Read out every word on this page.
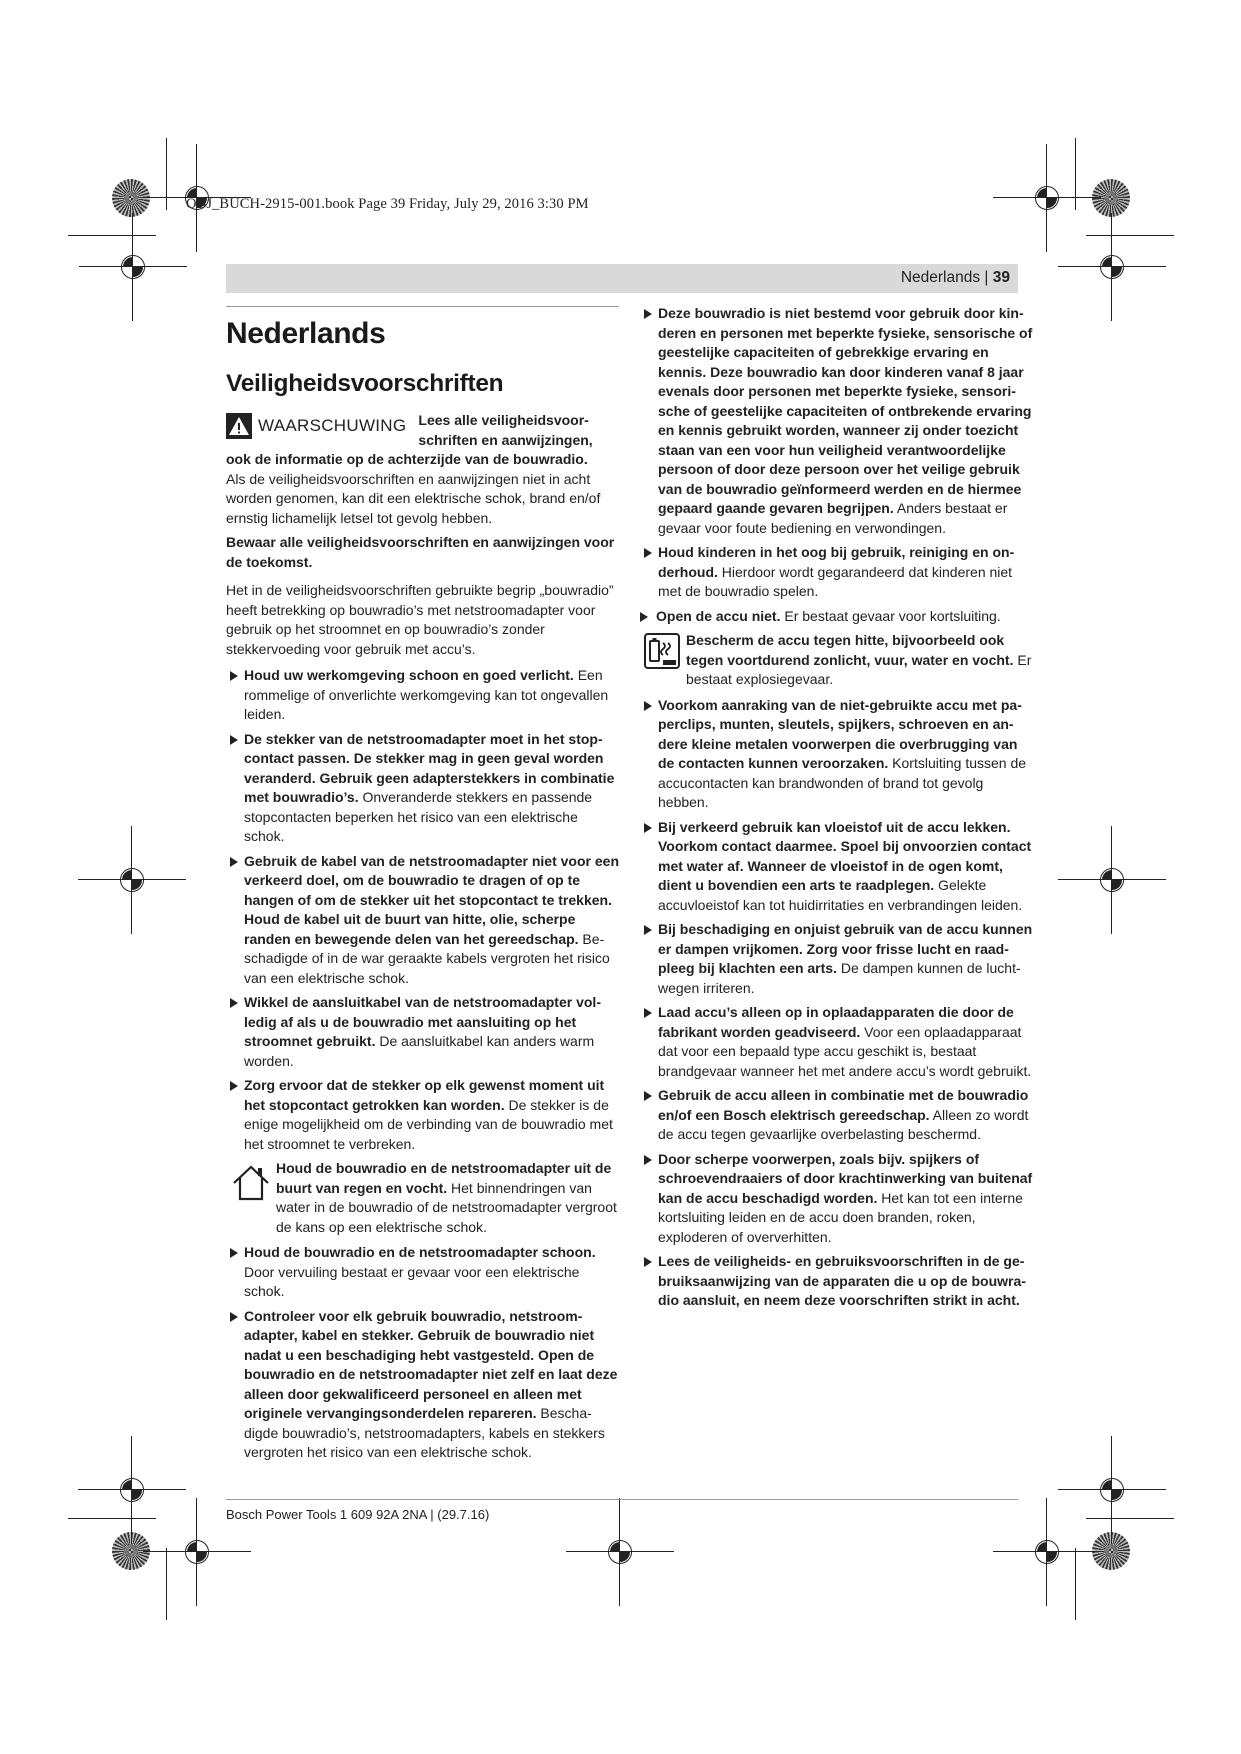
OBJ_BUCH-2915-001.book Page 39 Friday, July 29, 2016 3:30 PM
Nederlands | 39
Nederlands
Veiligheidsvoorschriften
WAARSCHUWING Lees alle veiligheidsvoorschriften en aanwijzingen, ook de informatie op de achterzijde van de bouwradio.

Als de veiligheidsvoorschriften en aanwijzingen niet in acht worden genomen, kan dit een elektrische schok, brand en/of ernstig lichamelijk letsel tot gevolg hebben.

Bewaar alle veiligheidsvoorschriften en aanwijzingen voor de toekomst.

Het in de veiligheidsvoorschriften gebruikte begrip „bouwradio” heeft betrekking op bouwradio’s met netstroomadapter voor gebruik op het stroomnet en op bouwradio’s zonder stekkervoeding voor gebruik met accu’s.

Houd uw werkomgeving schoon en goed verlicht. Een rommelige of onverlichte werkomgeving kan tot ongevallen leiden.
De stekker van de netstroomadapter moet in het stopcontact passen. De stekker mag in geen geval worden veranderd. Gebruik geen adapterstekkers in combinatie met bouwradio’s. Onveranderde stekkers en passende stopcontacten beperken het risico van een elektrische schok.
Gebruik de kabel van de netstroomadapter niet voor een verkeerd doel, om de bouwradio te dragen of op te hangen of om de stekker uit het stopcontact te trekken. Houd de kabel uit de buurt van hitte, olie, scherpe randen en bewegende delen van het gereedschap. Beschadigde of in de war geraakte kabels vergroten het risico van een elektrische schok.
Wikkel de aansluitkabel van de netstroomadapter volledig af als u de bouwradio met aansluiting op het stroomnet gebruikt. De aansluitkabel kan anders warm worden.
Zorg ervoor dat de stekker op elk gewenst moment uit het stopcontact getrokken kan worden. De stekker is de enige mogelijkheid om de verbinding van de bouwradio met het stroomnet te verbreken.
Houd de bouwradio en de netstroomadapter uit de buurt van regen en vocht. Het binnendringen van water in de bouwradio of de netstroomadapter vergroot de kans op een elektrische schok.
Houd de bouwradio en de netstroomadapter schoon. Door vervuiling bestaat er gevaar voor een elektrische schok.
Controleer voor elk gebruik bouwradio, netstroomadapter, kabel en stekker. Gebruik de bouwradio niet nadat u een beschadiging hebt vastgesteld. Open de bouwradio en de netstroomadapter niet zelf en laat deze alleen door gekwalificeerd personeel en alleen met originele vervangingsonderdelen repareren. Beschadigde bouwradio’s, netstroomadapters, kabels en stekkers vergroten het risico van een elektrische schok.
Deze bouwradio is niet bestemd voor gebruik door kinderen en personen met beperkte fysieke, sensorische of geestelijke capaciteiten of gebrekkige ervaring en kennis. Deze bouwradio kan door kinderen vanaf 8 jaar evenals door personen met beperkte fysieke, sensorische of geestelijke capaciteiten of ontbrekende ervaring en kennis gebruikt worden, wanneer zij onder toezicht staan van een voor hun veiligheid verantwoordelijke persoon of door deze persoon over het veilige gebruik van de bouwradio geïnformeerd werden en de hiermee gepaard gaande gevaren begrijpen. Anders bestaat er gevaar voor foute bediening en verwondingen.
Houd kinderen in het oog bij gebruik, reiniging en onderhoud. Hierdoor wordt gegarandeerd dat kinderen niet met de bouwradio spelen.
Open de accu niet. Er bestaat gevaar voor kortsluiting.
Bescherm de accu tegen hitte, bijvoorbeeld ook tegen voortdurend zonlicht, vuur, water en vocht. Er bestaat explosiegevaar.
Voorkom aanraking van de niet-gebruikte accu met paperclips, munten, sleutels, spijkers, schroeven en andere kleine metalen voorwerpen die overbrugging van de contacten kunnen veroorzaken. Kortsluiting tussen de accucontacten kan brandwonden of brand tot gevolg hebben.
Bij verkeerd gebruik kan vloeistof uit de accu lekken. Voorkom contact daarmee. Spoel bij onvoorzien contact met water af. Wanneer de vloeistof in de ogen komt, dient u bovendien een arts te raadplegen. Gelekte accuvloeistof kan tot huidirritaties en verbrandingen leiden.
Bij beschadiging en onjuist gebruik van de accu kunnen er dampen vrijkomen. Zorg voor frisse lucht en raadpleeg bij klachten een arts. De dampen kunnen de luchtwegen irriteren.
Laad accu’s alleen op in oplaadapparaten die door de fabrikant worden geadviseerd. Voor een oplaadapparaat dat voor een bepaald type accu geschikt is, bestaat brandgevaar wanneer het met andere accu’s wordt gebruikt.
Gebruik de accu alleen in combinatie met de bouwradio en/of een Bosch elektrisch gereedschap. Alleen zo wordt de accu tegen gevaarlijke overbelasting beschermd.
Door scherpe voorwerpen, zoals bijv. spijkers of schroevendraaiers of door krachtinwerking van buitenaf kan de accu beschadigd worden. Het kan tot een interne kortsluiting leiden en de accu doen branden, roken, exploderen of oververhitten.
Lees de veiligheids- en gebruiksvoorschriften in de gebruiksaanwijzing van de apparaten die u op de bouwradio aansluit, en neem deze voorschriften strikt in acht.
Bosch Power Tools 1 609 92A 2NA | (29.7.16)
